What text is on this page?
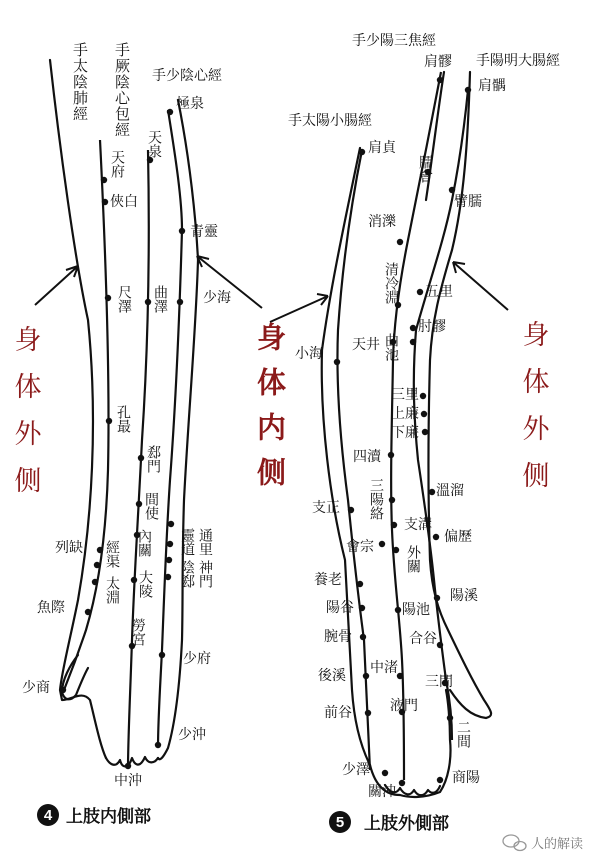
手太陰肺經 手厥陰心包經 手少陰心經
極泉
天泉
天府
俠白
青靈
尺澤 曲澤	少海
孔最
郄門
間使
內關
大陵
靈道 通里
陰郄 神門
列缺 經渠
太淵
魚際
勞宮
少府
少商
少沖
中沖
身体外侧	身体内侧	身体外侧
手少陽三焦經
手陽明大腸經
手太陽小腸經
肩髎
肩髃
肩貞
臑會
臂臑
消濼
清冷淵 五里
肘髎
小海
天井 曲池
三里
上廉
下廉
四瀆
溫溜
三陽絡
支正
支溝
偏歷
會宗 外關
養老
陽溪
陽谷	陽池
腕骨	合谷
後溪 中渚
三間
前谷	液門
二間
少澤
關沖
商陽
4 上肢内側部	5 上肢外側部
人的解读
